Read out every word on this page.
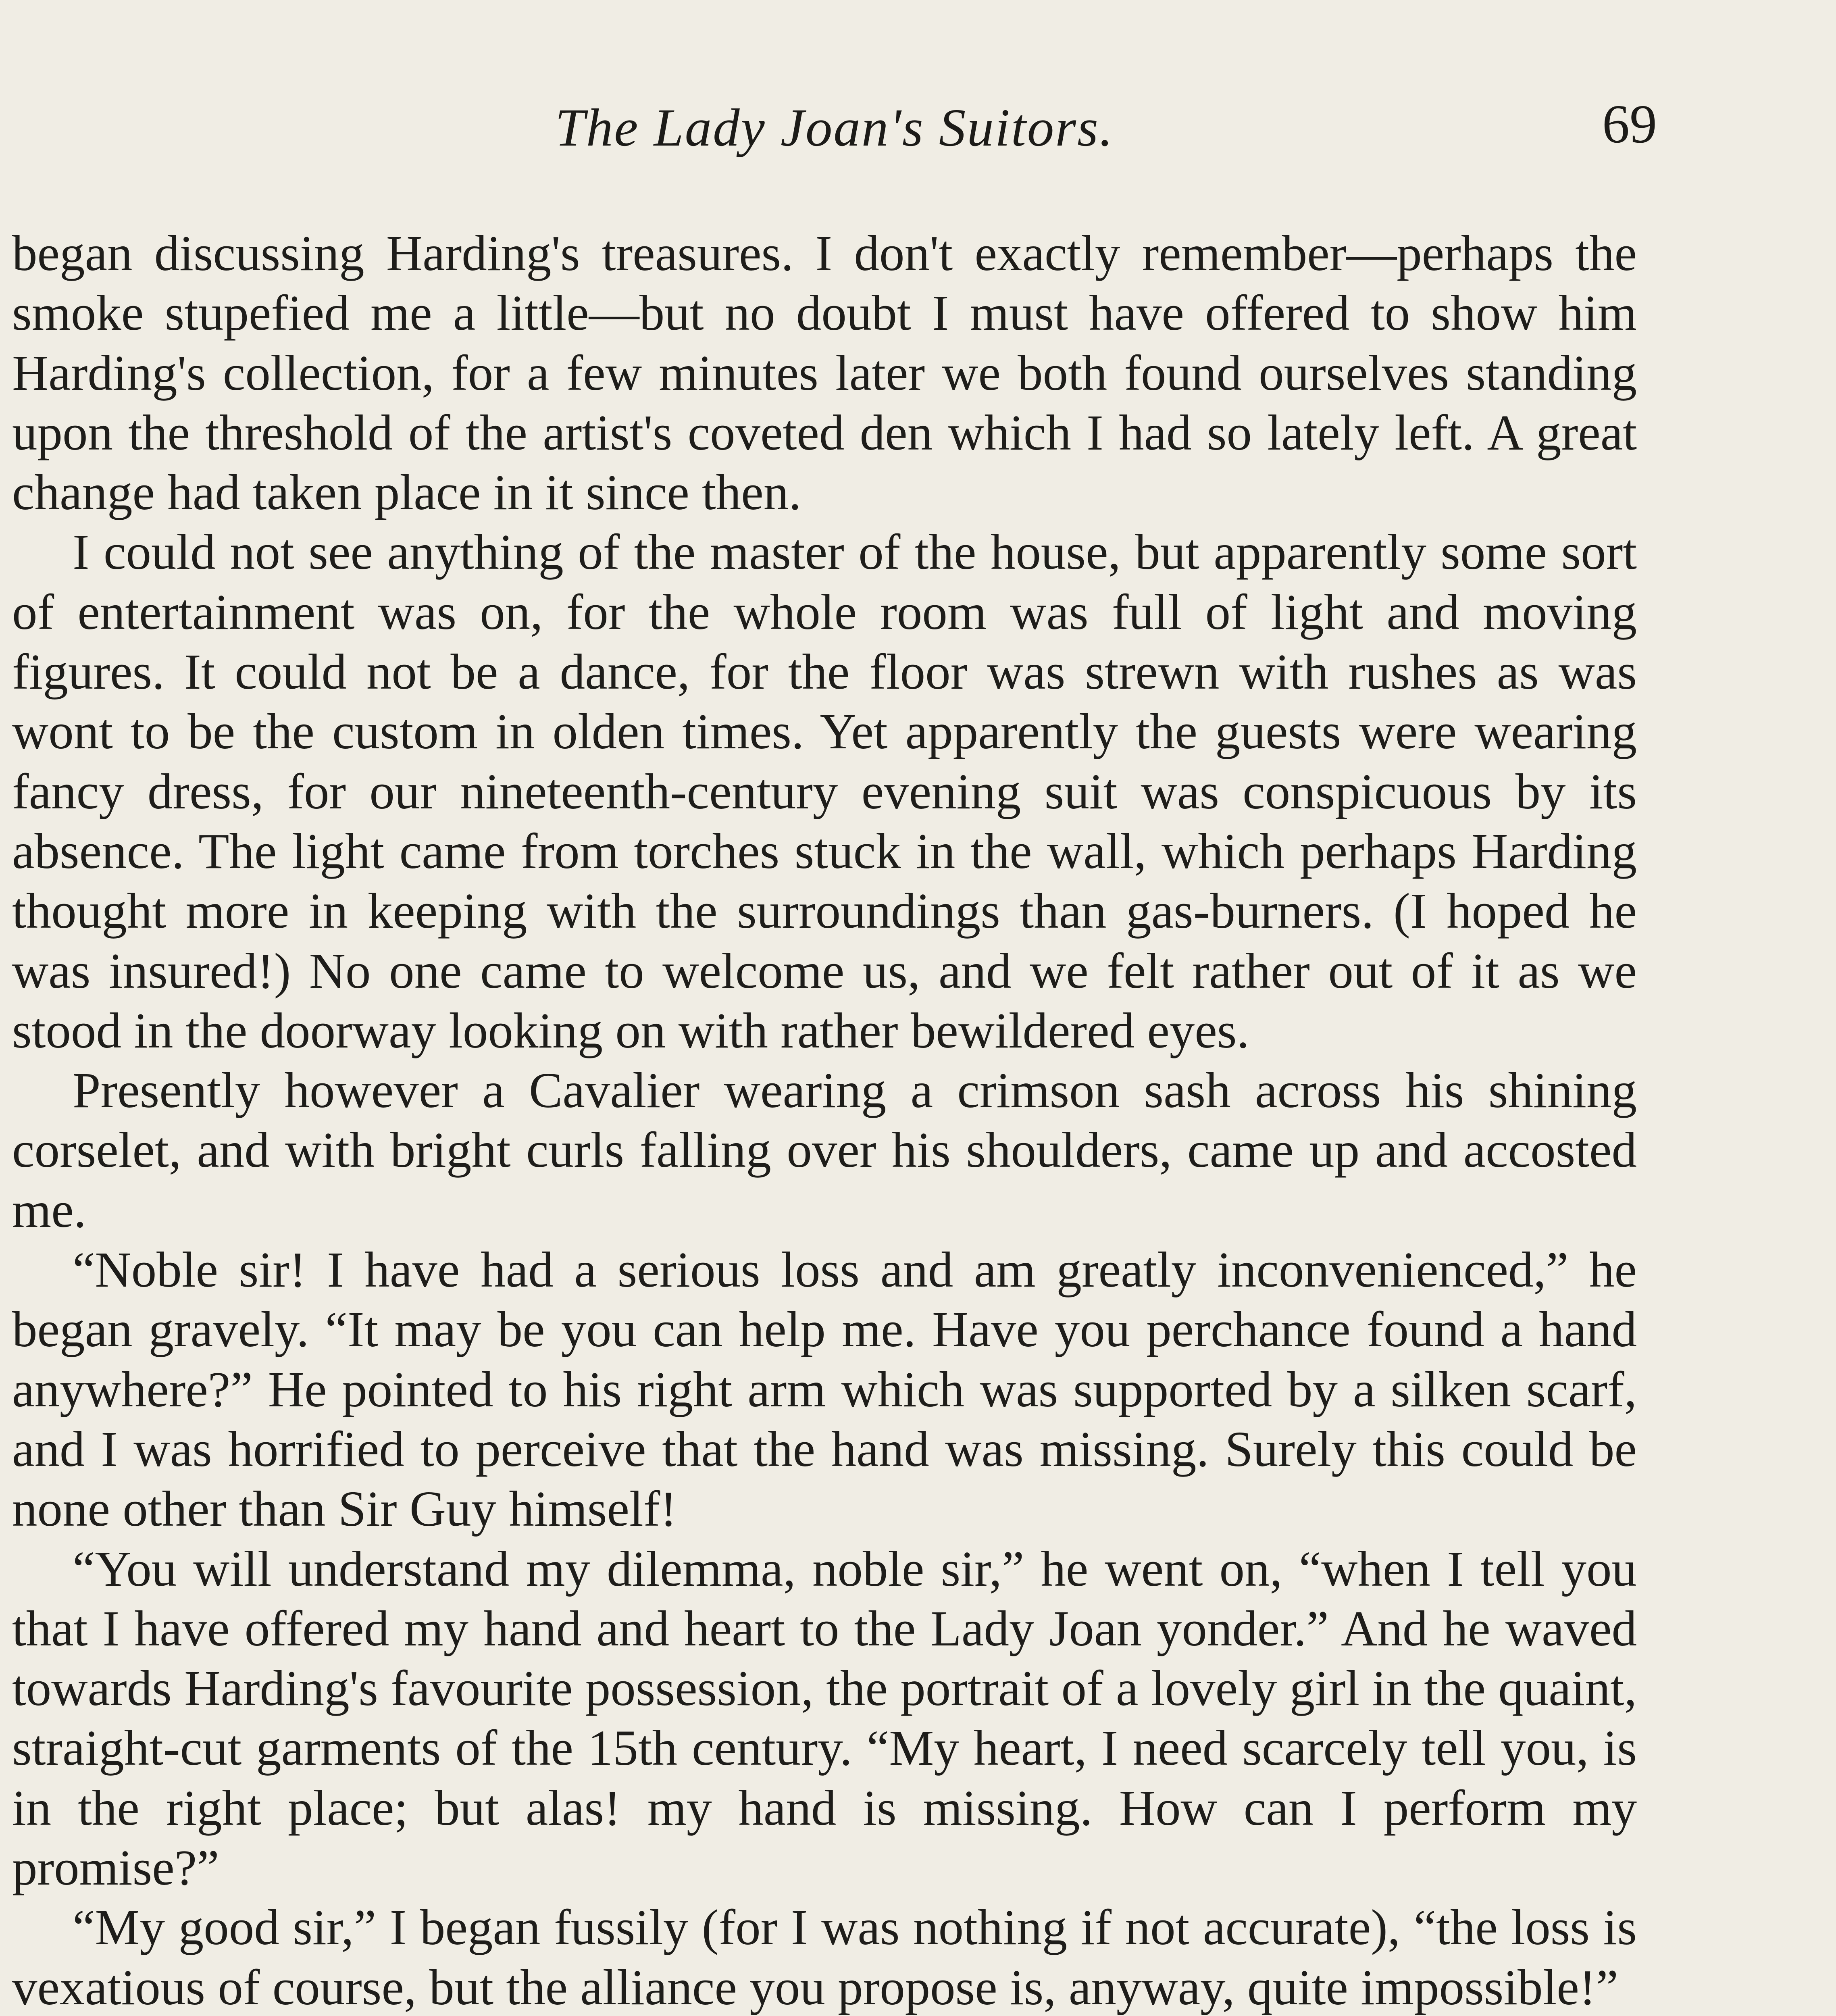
The Lady Joan's Suitors.	69

began discussing Harding's treasures. I don't exactly remember—perhaps the smoke stupefied me a little—but no doubt I must have offered to show him Harding's collection, for a few minutes later we both found ourselves standing upon the threshold of the artist's coveted den which I had so lately left. A great change had taken place in it since then.

I could not see anything of the master of the house, but apparently some sort of entertainment was on, for the whole room was full of light and moving figures. It could not be a dance, for the floor was strewn with rushes as was wont to be the custom in olden times. Yet apparently the guests were wearing fancy dress, for our nineteenth-century evening suit was conspicuous by its absence. The light came from torches stuck in the wall, which perhaps Harding thought more in keeping with the surroundings than gas-burners. (I hoped he was insured!) No one came to welcome us, and we felt rather out of it as we stood in the doorway looking on with rather bewildered eyes.

Presently however a Cavalier wearing a crimson sash across his shining corselet, and with bright curls falling over his shoulders, came up and accosted me.

“Noble sir! I have had a serious loss and am greatly inconvenienced,” he began gravely. “It may be you can help me. Have you perchance found a hand anywhere?” He pointed to his right arm which was supported by a silken scarf, and I was horrified to perceive that the hand was missing. Surely this could be none other than Sir Guy himself!

“You will understand my dilemma, noble sir,” he went on, “when I tell you that I have offered my hand and heart to the Lady Joan yonder.” And he waved towards Harding's favourite possession, the portrait of a lovely girl in the quaint, straight-cut garments of the 15th century. “My heart, I need scarcely tell you, is in the right place; but alas! my hand is missing. How can I perform my promise?”

“My good sir,” I began fussily (for I was nothing if not accurate), “the loss is vexatious of course, but the alliance you propose is, anyway, quite impossible!”
